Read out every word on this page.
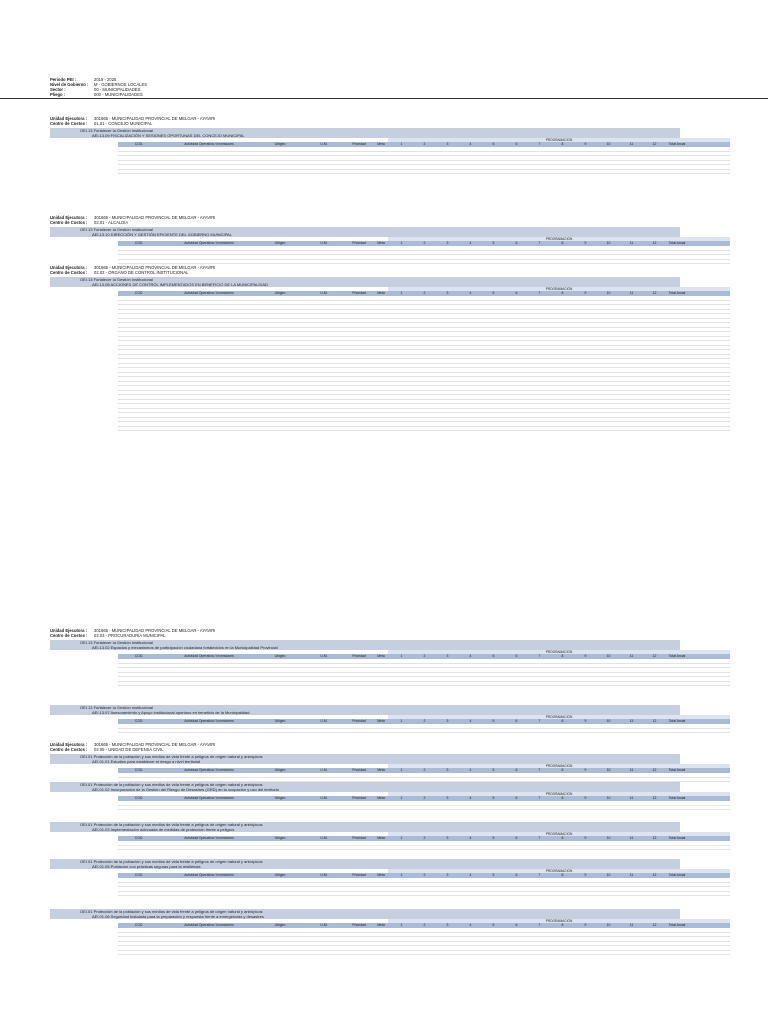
Periodo PEI :	2019 - 2025
Nivel de Gobierno : M - GOBIERNOS LOCALES
Sector :	00 - MUNICIPALIDADES
Pliego :	000 - MUNICIPALIDADES
Unidad Ejecutora : 301665 - MUNICIPALIDAD PROVINCIAL DE MELGAR - AYAVIRI
Centro de Costos : 01.01 - CONCEJO MUNICIPAL
OEI.13 Fortalecer la Gestión Institucional
AEI.13.09 FISCALIZACIÓN Y SESIONES OPORTUNAS DEL CONCEJO MUNICIPAL
PROGRAMACION
COD.	Actividad Operativa / Inversiones	Ubigeo	U.M.	Prioridad	Meta	1	2	3	4	5	6	7	8	9	10	11	12	Total Anual
Unidad Ejecutora : 301665 - MUNICIPALIDAD PROVINCIAL DE MELGAR - AYAVIRI
Centro de Costos : 02.01 - ALCALDÍA
OEI.13 Fortalecer la Gestión Institucional
AEI.13.10 DIRECCIÓN Y GESTIÓN EFICIENTE DEL GOBIERNO MUNICIPAL
PROGRAMACION
COD.	Actividad Operativa / Inversiones	Ubigeo	U.M.	Prioridad	Meta	1	2	3	4	5	6	7	8	9	10	11	12	Total Anual
Unidad Ejecutora : 301665 - MUNICIPALIDAD PROVINCIAL DE MELGAR - AYAVIRI
Centro de Costos : 02.02 - ÓRGANO DE CONTROL INSTITUCIONAL
OEI.13 Fortalecer la Gestión Institucional
AEI.13.08 ACCIONES DE CONTROL IMPLEMENTADOS EN BENEFICIO DE LA MUNICIPALIDAD
PROGRAMACION
COD.	Actividad Operativa / Inversiones	Ubigeo	U.M.	Prioridad	Meta	1	2	3	4	5	6	7	8	9	10	11	12	Total Anual
Unidad Ejecutora : 301665 - MUNICIPALIDAD PROVINCIAL DE MELGAR - AYAVIRI
Centro de Costos : 02.03 - PROCURADURÍA MUNICIPAL
OEI.13 Fortalecer la Gestión Institucional
AEI.13.02 Espacios y mecanismos de participación ciudadana fortalecidos en la Municipalidad Provincial
PROGRAMACION
COD.	Actividad Operativa / Inversiones	Ubigeo	U.M.	Prioridad	Meta	1	2	3	4	5	6	7	8	9	10	11	12	Total Anual
OEI.13 Fortalecer la Gestión Institucional
AEI.13.07 Asesoramiento y Apoyo institucional oportuno en beneficio de la Municipalidad
PROGRAMACION
COD.	Actividad Operativa / Inversiones	Ubigeo	U.M.	Prioridad	Meta	1	2	3	4	5	6	7	8	9	10	11	12	Total Anual
Unidad Ejecutora : 301665 - MUNICIPALIDAD PROVINCIAL DE MELGAR - AYAVIRI
Centro de Costos : 02.05 - UNIDAD DE DEFENSA CIVIL
OEI.01 Protección de la población y sus medios de vida frente a peligros de origen natural y antrópicos
AEI.01.01 Estudios para establecer el riesgo a nivel territorial
PROGRAMACION
COD.	Actividad Operativa / Inversiones	Ubigeo	U.M.	Prioridad	Meta	1	2	3	4	5	6	7	8	9	10	11	12	Total Anual
OEI.01 Protección de la población y sus medios de vida frente a peligros de origen natural y antrópicos
AEI.01.02 Incorporación de la Gestión del Riesgo de Desastres (GRD) en la ocupación y uso del territorio
PROGRAMACION
COD.	Actividad Operativa / Inversiones	Ubigeo	U.M.	Prioridad	Meta	1	2	3	4	5	6	7	8	9	10	11	12	Total Anual
OEI.01 Protección de la población y sus medios de vida frente a peligros de origen natural y antrópicos
AEI.01.03 Implementación adecuada de medidas de protección frente a peligros
PROGRAMACION
COD.	Actividad Operativa / Inversiones	Ubigeo	U.M.	Prioridad	Meta	1	2	3	4	5	6	7	8	9	10	11	12	Total Anual
OEI.01 Protección de la población y sus medios de vida frente a peligros de origen natural y antrópicos
AEI.01.05 Población con prácticas seguras para la resiliencia
PROGRAMACION
COD.	Actividad Operativa / Inversiones	Ubigeo	U.M.	Prioridad	Meta	1	2	3	4	5	6	7	8	9	10	11	12	Total Anual
OEI.01 Protección de la población y sus medios de vida frente a peligros de origen natural y antrópicos
AEI.01.06 Seguridad Instalada para la preparación y respuesta frente a emergencias y desastres
PROGRAMACION
COD.	Actividad Operativa / Inversiones	Ubigeo	U.M.	Prioridad	Meta	1	2	3	4	5	6	7	8	9	10	11	12	Total Anual
